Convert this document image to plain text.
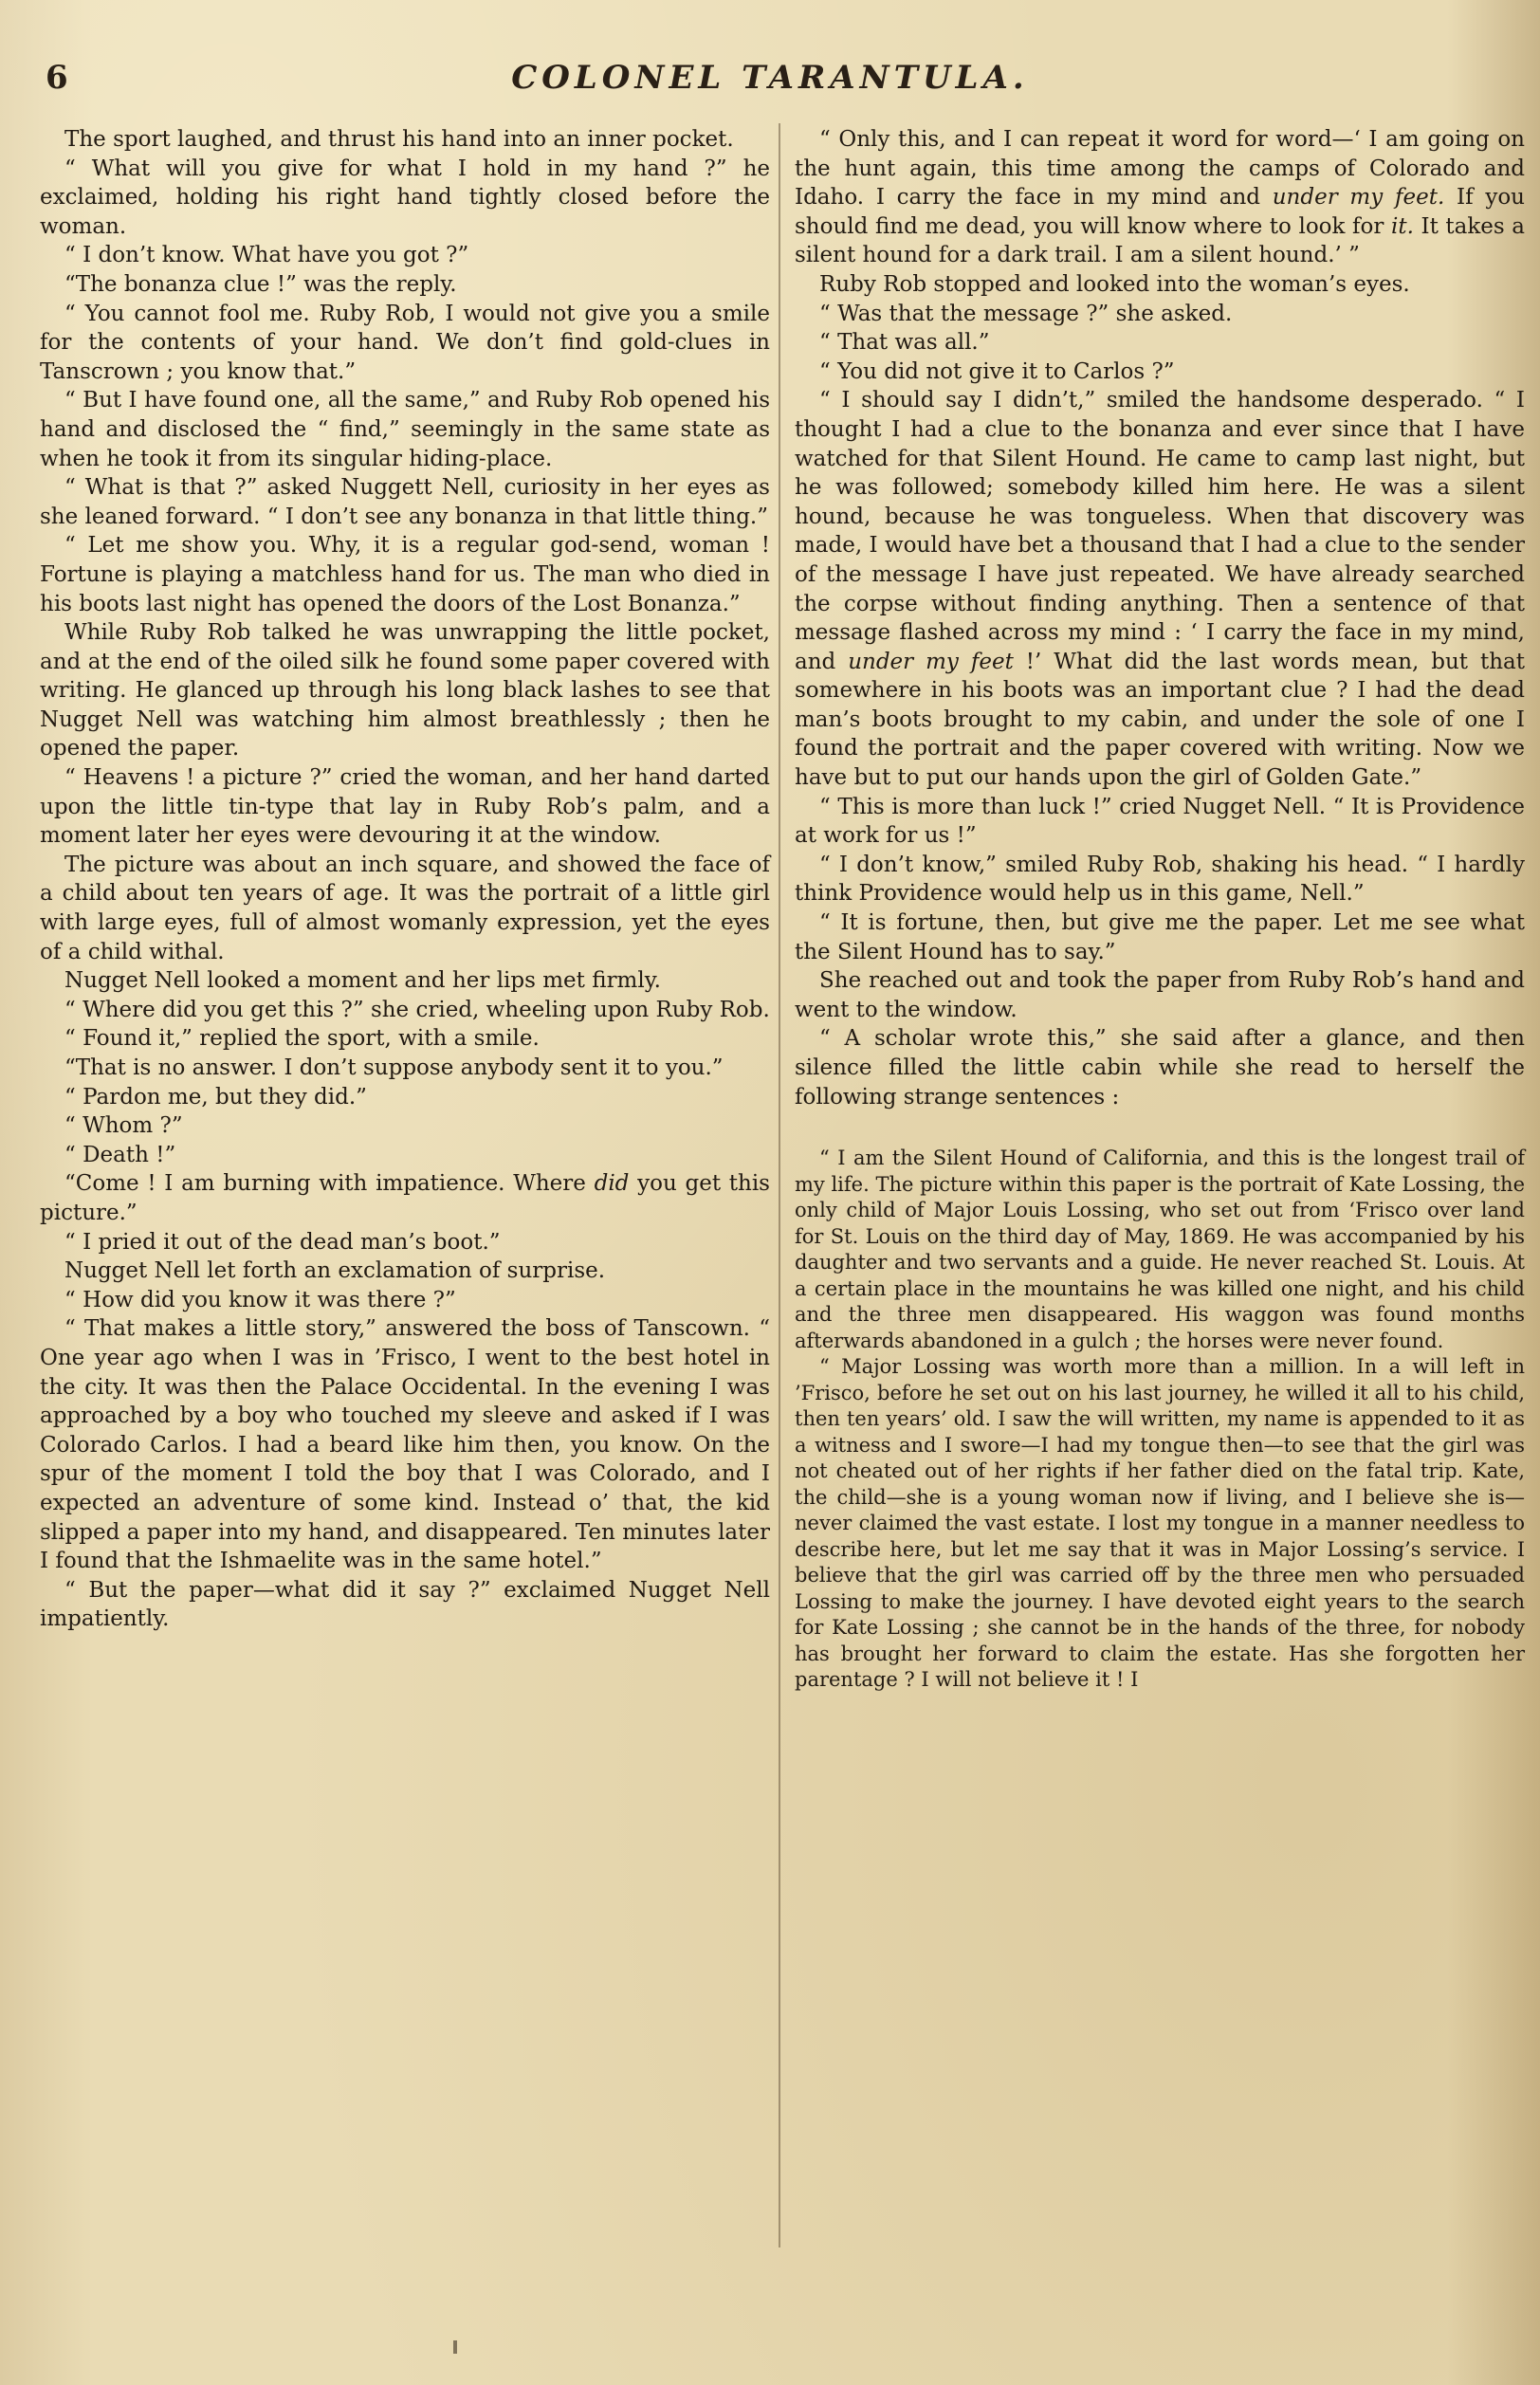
6	COLONEL TARANTULA.

The sport laughed, and thrust his hand into an inner pocket.

“ What will you give for what I hold in my hand ?” he exclaimed, holding his right hand tightly closed before the woman.

“ I don’t know. What have you got ?”

“The bonanza clue !” was the reply.

“ You cannot fool me. Ruby Rob, I would not give you a smile for the contents of your hand. We don’t find gold-clues in Tanscrown ; you know that.”

“ But I have found one, all the same,” and Ruby Rob opened his hand and disclosed the “ find,” seemingly in the same state as when he took it from its singular hiding-place.

“ What is that ?” asked Nuggett Nell, curiosity in her eyes as she leaned forward. “ I don’t see any bonanza in that little thing.”

“ Let me show you. Why, it is a regular god-send, woman ! Fortune is playing a matchless hand for us. The man who died in his boots last night has opened the doors of the Lost Bonanza.”

While Ruby Rob talked he was unwrapping the little pocket, and at the end of the oiled silk he found some paper covered with writing. He glanced up through his long black lashes to see that Nugget Nell was watching him almost breathlessly ; then he opened the paper.

“ Heavens ! a picture ?” cried the woman, and her hand darted upon the little tin-type that lay in Ruby Rob’s palm, and a moment later her eyes were devouring it at the window.

The picture was about an inch square, and showed the face of a child about ten years of age. It was the portrait of a little girl with large eyes, full of almost womanly expression, yet the eyes of a child withal.

Nugget Nell looked a moment and her lips met firmly.

“ Where did you get this ?” she cried, wheeling upon Ruby Rob.

“ Found it,” replied the sport, with a smile.

“That is no answer. I don’t suppose anybody sent it to you.”

“ Pardon me, but they did.”

“ Whom ?”

“ Death !”

“Come ! I am burning with impatience. Where did you get this picture.”

“ I pried it out of the dead man’s boot.”

Nugget Nell let forth an exclamation of surprise.

“ How did you know it was there ?”

“ That makes a little story,” answered the boss of Tanscown. “ One year ago when I was in ’Frisco, I went to the best hotel in the city. It was then the Palace Occidental. In the evening I was approached by a boy who touched my sleeve and asked if I was Colorado Carlos. I had a beard like him then, you know. On the spur of the moment I told the boy that I was Colorado, and I expected an adventure of some kind. Instead o’ that, the kid slipped a paper into my hand, and disappeared. Ten minutes later I found that the Ishmaelite was in the same hotel.”

“ But the paper—what did it say ?” exclaimed Nugget Nell impatiently.

“ Only this, and I can repeat it word for word—‘ I am going on the hunt again, this time among the camps of Colorado and Idaho. I carry the face in my mind and under my feet. If you should find me dead, you will know where to look for it. It takes a silent hound for a dark trail. I am a silent hound.’ ”

Ruby Rob stopped and looked into the woman’s eyes.

“ Was that the message ?” she asked.

“ That was all.”

“ You did not give it to Carlos ?”

“ I should say I didn’t,” smiled the handsome desperado. “ I thought I had a clue to the bonanza and ever since that I have watched for that Silent Hound. He came to camp last night, but he was followed; somebody killed him here. He was a silent hound, because he was tongueless. When that discovery was made, I would have bet a thousand that I had a clue to the sender of the message I have just repeated. We have already searched the corpse without finding anything. Then a sentence of that message flashed across my mind : ‘ I carry the face in my mind, and under my feet !’ What did the last words mean, but that somewhere in his boots was an important clue ? I had the dead man’s boots brought to my cabin, and under the sole of one I found the portrait and the paper covered with writing. Now we have but to put our hands upon the girl of Golden Gate.”

“ This is more than luck !” cried Nugget Nell. “ It is Providence at work for us !”

“ I don’t know,” smiled Ruby Rob, shaking his head. “ I hardly think Providence would help us in this game, Nell.”

“ It is fortune, then, but give me the paper. Let me see what the Silent Hound has to say.”

She reached out and took the paper from Ruby Rob’s hand and went to the window.

“ A scholar wrote this,” she said after a glance, and then silence filled the little cabin while she read to herself the following strange sentences :

“ I am the Silent Hound of California, and this is the longest trail of my life. The picture within this paper is the portrait of Kate Lossing, the only child of Major Louis Lossing, who set out from ‘Frisco over land for St. Louis on the third day of May, 1869. He was accompanied by his daughter and two servants and a guide. He never reached St. Louis. At a certain place in the mountains he was killed one night, and his child and the three men disappeared. His waggon was found months afterwards abandoned in a gulch ; the horses were never found.

“ Major Lossing was worth more than a million. In a will left in ’Frisco, before he set out on his last journey, he willed it all to his child, then ten years’ old. I saw the will written, my name is appended to it as a witness and I swore—I had my tongue then—to see that the girl was not cheated out of her rights if her father died on the fatal trip. Kate, the child—she is a young woman now if living, and I believe she is—never claimed the vast estate. I lost my tongue in a manner needless to describe here, but let me say that it was in Major Lossing’s service. I believe that the girl was carried off by the three men who persuaded Lossing to make the journey. I have devoted eight years to the search for Kate Lossing ; she cannot be in the hands of the three, for nobody has brought her forward to claim the estate. Has she forgotten her parentage ? I will not believe it ! I
